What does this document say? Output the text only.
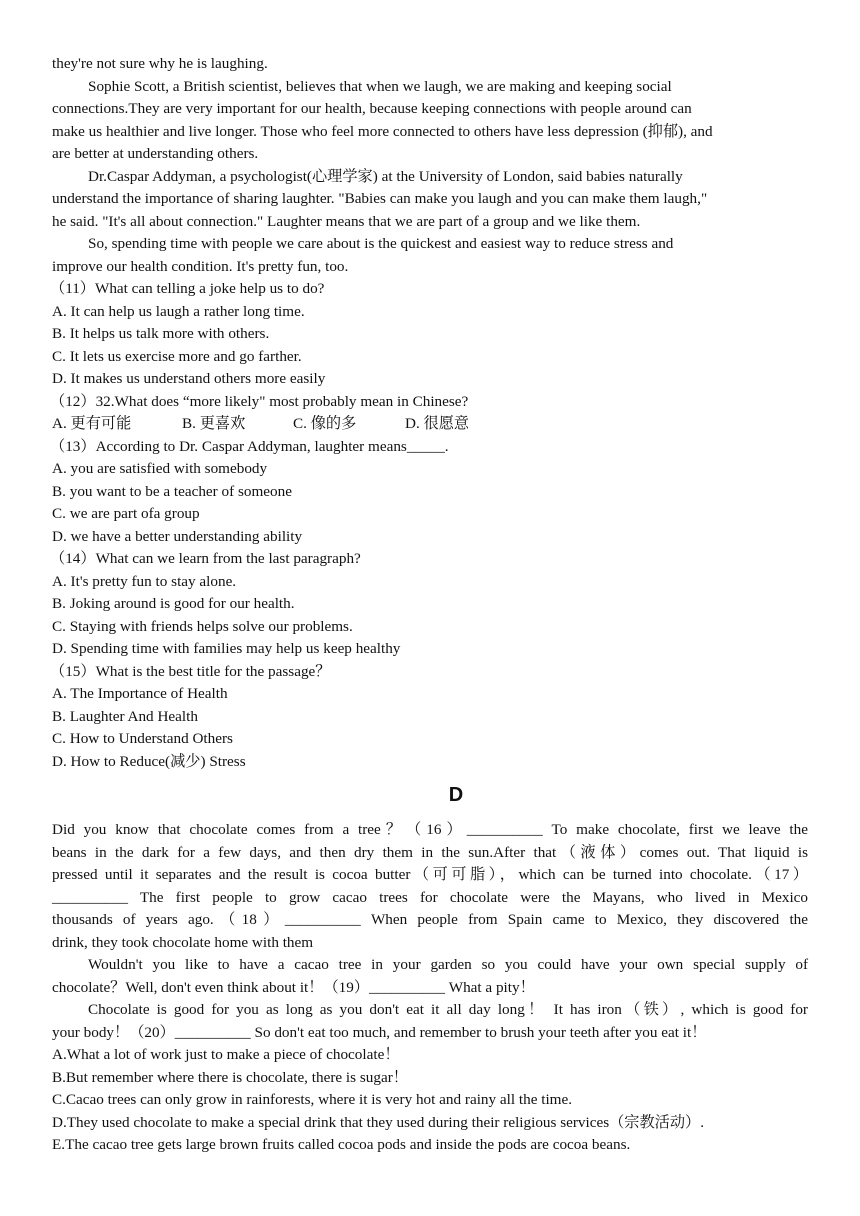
they're not sure why he is laughing.
Sophie Scott, a British scientist, believes that when we laugh, we are making and keeping social
connections.They are very important for our health, because keeping connections with people around can
make us healthier and live longer. Those who feel more connected to others have less depression (抑郁), and
are better at understanding others.
Dr.Caspar Addyman, a psychologist(心理学家) at the University of London, said babies naturally
understand the importance of sharing laughter. "Babies can make you laugh and you can make them laugh,"
he said. "It's all about connection." Laughter means that we are part of a group and we like them.
So, spending time with people we care about is the quickest and easiest way to reduce stress and
improve our health condition. It's pretty fun, too.
（11）What can telling a joke help us to do?
A. It can help us laugh a rather long time.
B. It helps us talk more with others.
C. It lets us exercise more and go farther.
D. It makes us understand others more easily
（12）32.What does “more likely" most probably mean in Chinese?
A. 更有可能	B. 更喜欢	C. 像的多	D. 很愿意
（13）According to Dr. Caspar Addyman, laughter means_____.
A. you are satisfied with somebody
B. you want to be a teacher of someone
C. we are part ofa group
D. we have a better understanding ability
（14）What can we learn from the last paragraph?
A. It's pretty fun to stay alone.
B. Joking around is good for our health.
C. Staying with friends helps solve our problems.
D. Spending time with families may help us keep healthy
（15）What is the best title for the passage？
A. The Importance of Health
B. Laughter And Health
C. How to Understand Others
D. How to Reduce(减少) Stress
D
Did you know that chocolate comes from a tree？（16）__________ To make chocolate, first we leave the
beans in the dark for a few days, and then dry them in the sun.After that（液体）comes out. That liquid is
pressed until it separates and the result is cocoa butter（可可脂），which can be turned into chocolate.（17）
__________ The first people to grow cacao trees for chocolate were the Mayans, who lived in Mexico
thousands of years ago.（18）__________ When people from Spain came to Mexico, they discovered the
drink, they took chocolate home with them
Wouldn't you like to have a cacao tree in your garden so you could have your own special supply of
chocolate？Well, don't even think about it！（19）__________ What a pity！
Chocolate is good for you as long as you don't eat it all day long！ It has iron（铁）, which is good for
your body！（20）__________ So don't eat too much, and remember to brush your teeth after you eat it！
A.What a lot of work just to make a piece of chocolate！
B.But remember where there is chocolate, there is sugar！
C.Cacao trees can only grow in rainforests, where it is very hot and rainy all the time.
D.They used chocolate to make a special drink that they used during their religious services（宗教活动）.
E.The cacao tree gets large brown fruits called cocoa pods and inside the pods are cocoa beans.
